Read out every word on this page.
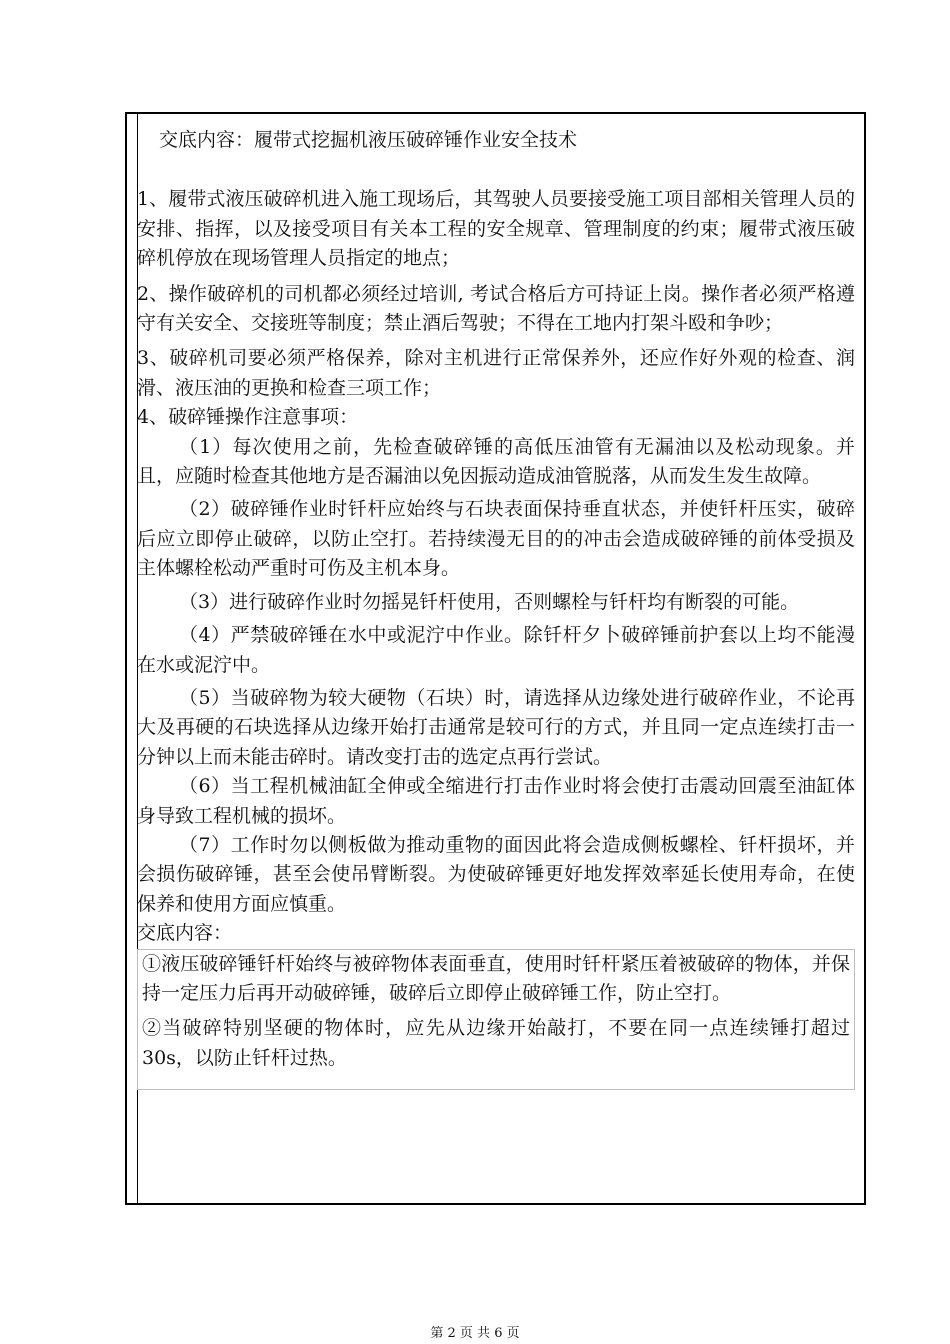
交底内容：履带式挖掘机液压破碎锤作业安全技术

1、履带式液压破碎机进入施工现场后，其驾驶人员要接受施工项目部相关管理人员的安排、指挥，以及接受项目有关本工程的安全规章、管理制度的约束；履带式液压破碎机停放在现场管理人员指定的地点；

2、操作破碎机的司机都必须经过培训, 考试合格后方可持证上岗。操作者必须严格遵守有关安全、交接班等制度；禁止酒后驾驶；不得在工地内打架斗殴和争吵；

3、破碎机司要必须严格保养，除对主机进行正常保养外，还应作好外观的检查、润滑、液压油的更换和检查三项工作；

4、破碎锤操作注意事项：

（1）每次使用之前，先检查破碎锤的高低压油管有无漏油以及松动现象。并且，应随时检查其他地方是否漏油以免因振动造成油管脱落，从而发生发生故障。

（2）破碎锤作业时钎杆应始终与石块表面保持垂直状态，并使钎杆压实，破碎后应立即停止破碎，以防止空打。若持续漫无目的的冲击会造成破碎锤的前体受损及主体螺栓松动严重时可伤及主机本身。

（3）进行破碎作业时勿摇晃钎杆使用，否则螺栓与钎杆均有断裂的可能。

（4）严禁破碎锤在水中或泥泞中作业。除钎杆夕卜破碎锤前护套以上均不能漫在水或泥泞中。

（5）当破碎物为较大硬物（石块）时，请选择从边缘处进行破碎作业，不论再大及再硬的石块选择从边缘开始打击通常是较可行的方式，并且同一定点连续打击一分钟以上而未能击碎时。请改变打击的选定点再行尝试。

（6）当工程机械油缸全伸或全缩进行打击作业时将会使打击震动回震至油缸体身导致工程机械的损坏。

（7）工作时勿以侧板做为推动重物的面因此将会造成侧板螺栓、钎杆损坏，并会损伤破碎锤，甚至会使吊臂断裂。为使破碎锤更好地发挥效率延长使用寿命，在使保养和使用方面应慎重。

交底内容：

①液压破碎锤钎杆始终与被碎物体表面垂直，使用时钎杆紧压着被破碎的物体，并保持一定压力后再开动破碎锤，破碎后立即停止破碎锤工作，防止空打。

②当破碎特别坚硬的物体时，应先从边缘开始敲打，不要在同一点连续锤打超过 30s，以防止钎杆过热。

第 2 页 共 6 页
